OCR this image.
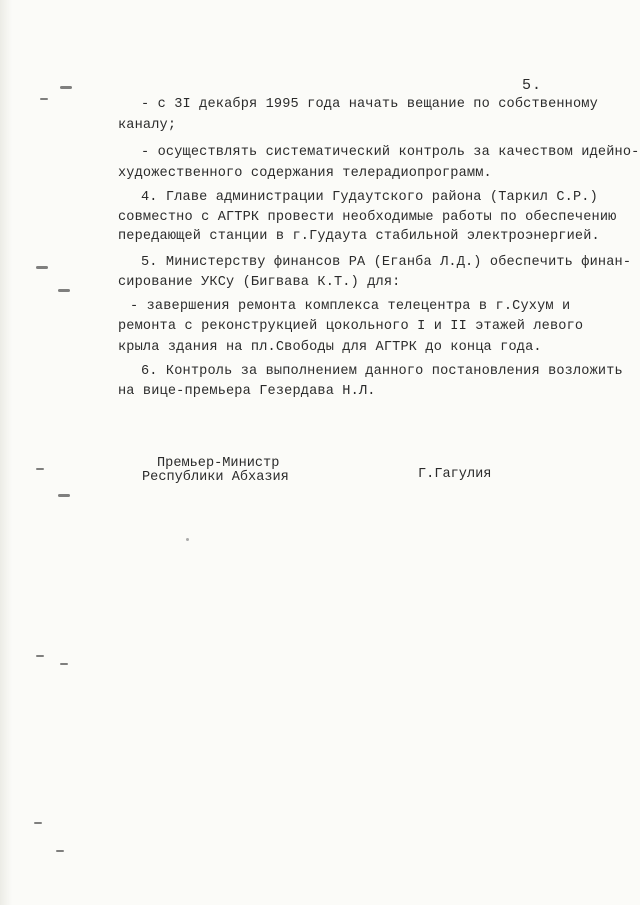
5.
- с 3I декабря 1995 года начать вещание по собственному
каналу;
- осуществлять систематический контроль за качеством идейно-
художественного содержания телерадиопрограмм.
4. Главе администрации Гудаутского района (Таркил С.Р.)
совместно с АГТРК провести необходимые работы по обеспечению
передающей станции в г.Гудаута стабильной электроэнергией.
5. Министерству финансов РА (Еганба Л.Д.) обеспечить финан-
сирование УКСу (Бигвава К.Т.) для:
- завершения ремонта комплекса телецентра в г.Сухум и
ремонта с реконструкцией цокольного I и II этажей левого
крыла здания на пл.Свободы для АГТРК до конца года.
6. Контроль за выполнением данного постановления возложить
на вице-премьера Гезердава Н.Л.
Премьер-Министр
Республики Абхазия	Г.Гагулия
